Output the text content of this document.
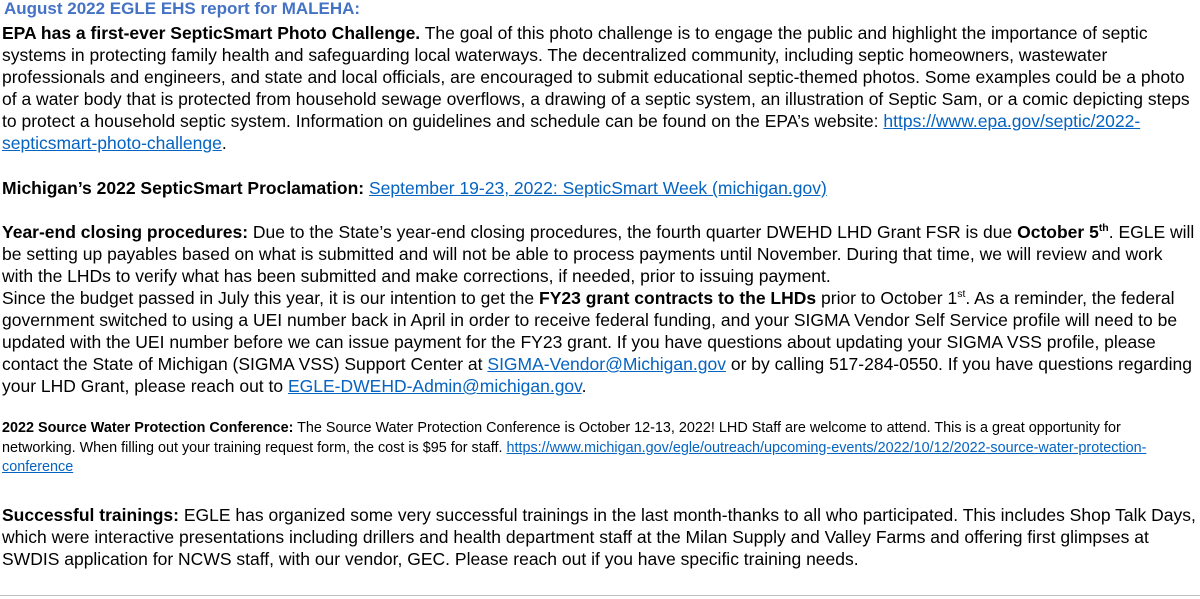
August 2022 EGLE EHS report for MALEHA:
EPA has a first-ever SepticSmart Photo Challenge. The goal of this photo challenge is to engage the public and highlight the importance of septic systems in protecting family health and safeguarding local waterways. The decentralized community, including septic homeowners, wastewater professionals and engineers, and state and local officials, are encouraged to submit educational septic-themed photos. Some examples could be a photo of a water body that is protected from household sewage overflows, a drawing of a septic system, an illustration of Septic Sam, or a comic depicting steps to protect a household septic system. Information on guidelines and schedule can be found on the EPA’s website: https://www.epa.gov/septic/2022-septicsmart-photo-challenge.
Michigan’s 2022 SepticSmart Proclamation: September 19-23, 2022: SepticSmart Week (michigan.gov)
Year-end closing procedures: Due to the State’s year-end closing procedures, the fourth quarter DWEHD LHD Grant FSR is due October 5th. EGLE will be setting up payables based on what is submitted and will not be able to process payments until November. During that time, we will review and work with the LHDs to verify what has been submitted and make corrections, if needed, prior to issuing payment.
Since the budget passed in July this year, it is our intention to get the FY23 grant contracts to the LHDs prior to October 1st. As a reminder, the federal government switched to using a UEI number back in April in order to receive federal funding, and your SIGMA Vendor Self Service profile will need to be updated with the UEI number before we can issue payment for the FY23 grant. If you have questions about updating your SIGMA VSS profile, please contact the State of Michigan (SIGMA VSS) Support Center at SIGMA-Vendor@Michigan.gov or by calling 517-284-0550. If you have questions regarding your LHD Grant, please reach out to EGLE-DWEHD-Admin@michigan.gov.
2022 Source Water Protection Conference: The Source Water Protection Conference is October 12-13, 2022! LHD Staff are welcome to attend. This is a great opportunity for networking. When filling out your training request form, the cost is $95 for staff. https://www.michigan.gov/egle/outreach/upcoming-events/2022/10/12/2022-source-water-protection-conference
Successful trainings: EGLE has organized some very successful trainings in the last month-thanks to all who participated. This includes Shop Talk Days, which were interactive presentations including drillers and health department staff at the Milan Supply and Valley Farms and offering first glimpses at SWDIS application for NCWS staff, with our vendor, GEC. Please reach out if you have specific training needs.
